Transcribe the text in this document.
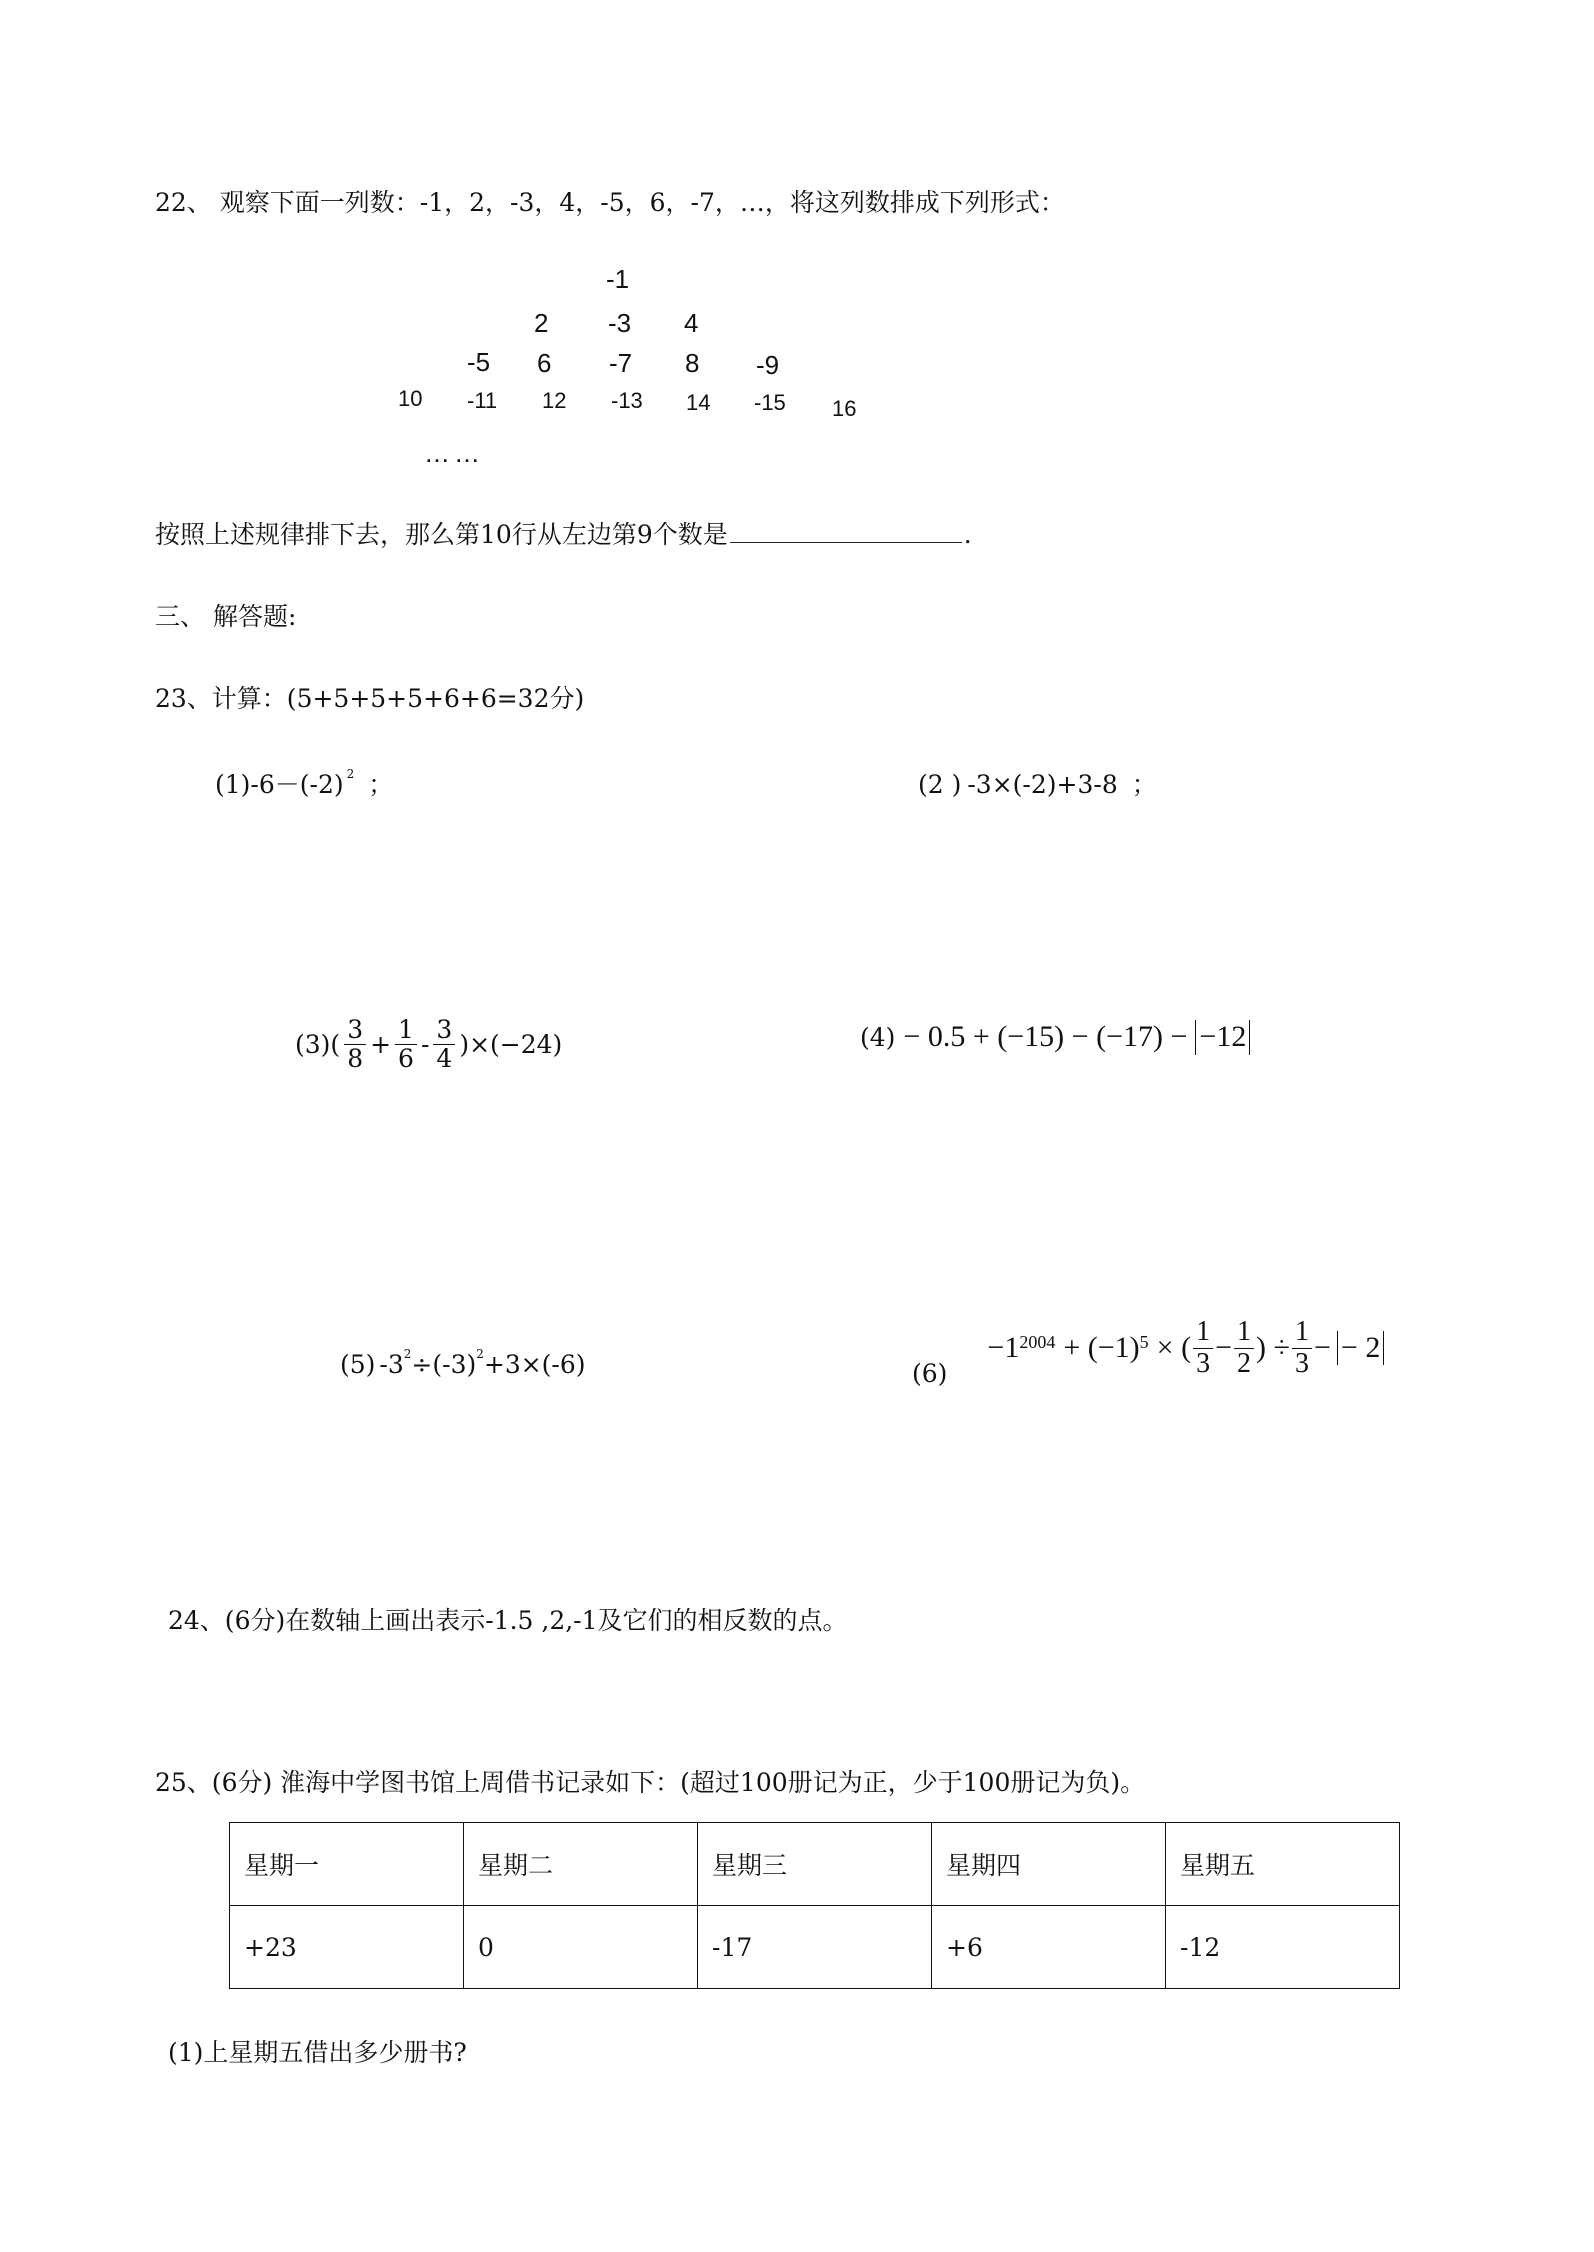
22、 观察下面一列数：-1，2，-3，4，-5，6，-7，…，将这列数排成下列形式：
-1
2 -3 4
-5 6 -7 8 -9
10 -11 12 -13 14 -15 16
……
按照上述规律排下去，那么第10行从左边第9个数是	.
三、 解答题:
23、计算：(5+5+5+5+6+6=32分)
(1)-6－(-2) $^2$ ；	(2 ) -3×(-2)+3-8 ；
(3) ( $\frac{3}{8} + \frac{1}{6} - \frac{3}{4} )\times(-24)$	(4) − 0.5 + (−15) − (−17) − −12
(5) $-3^2\div(-3)^2+3\times(-6)$	(6)
−1 2004 + (−1) 5 × ( $\frac{1}{3} - \frac{1}{2}$ ) ÷ $\frac{1}{3}$ − − 2
24、(6分)在数轴上画出表示-1.5 ,2,-1及它们的相反数的点。
25、(6分) 淮海中学图书馆上周借书记录如下：(超过100册记为正，少于100册记为负)。
星期一	星期二	星期三	星期四	星期五
+23	0	-17	+6	-12
(1)上星期五借出多少册书?
